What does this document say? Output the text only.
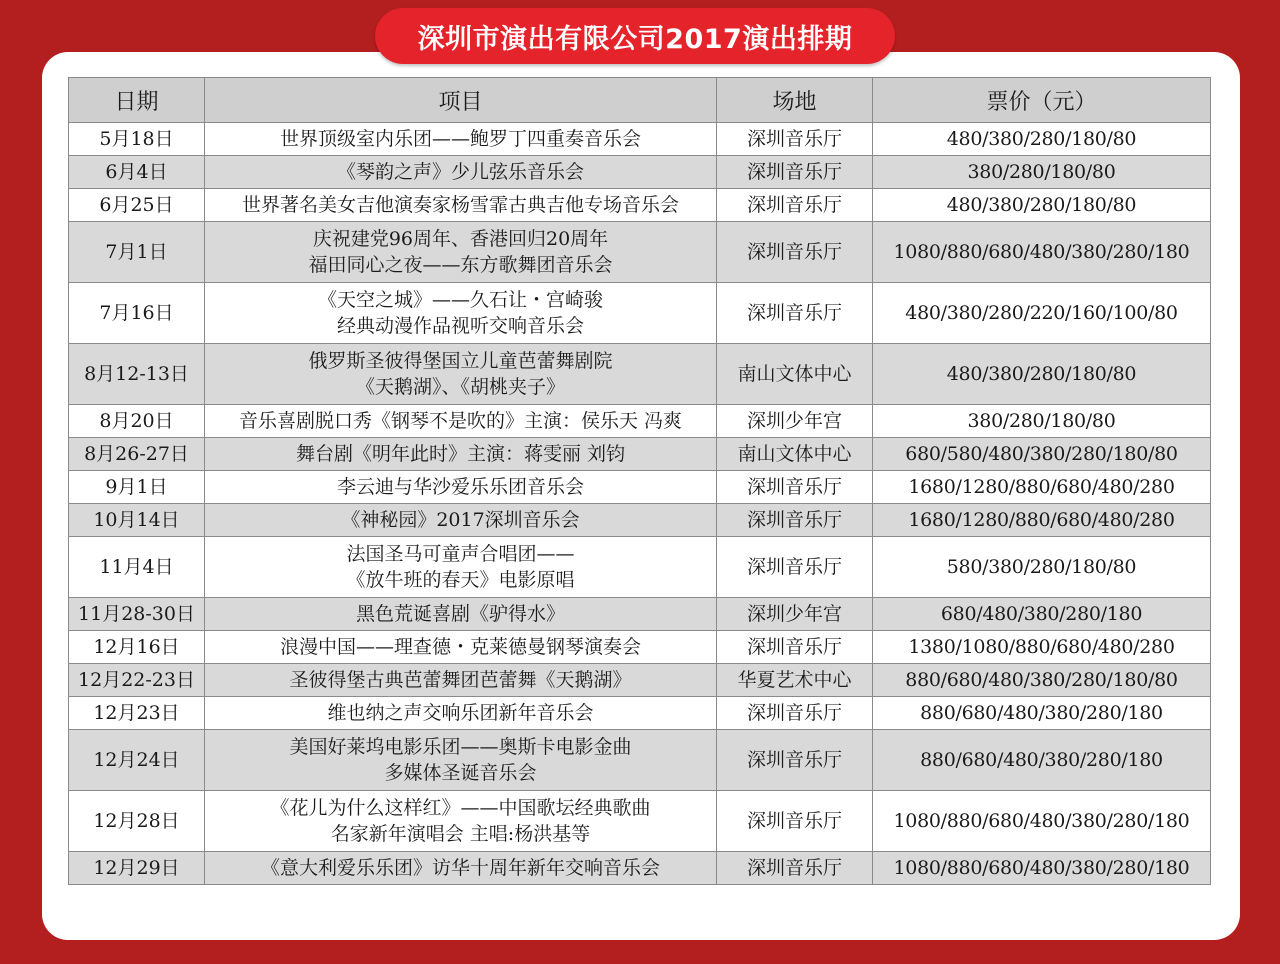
深圳市演出有限公司2017演出排期
日期	项目	场地	票价（元）
5月18日	世界顶级室内乐团——鲍罗丁四重奏音乐会	深圳音乐厅	480/380/280/180/80
6月4日	《琴韵之声》少儿弦乐音乐会	深圳音乐厅	380/280/180/80
6月25日	世界著名美女吉他演奏家杨雪霏古典吉他专场音乐会	深圳音乐厅	480/380/280/180/80
7月1日	庆祝建党96周年、香港回归20周年
福田同心之夜——东方歌舞团音乐会	深圳音乐厅	1080/880/680/480/380/280/180
7月16日	《天空之城》——久石让・宫崎骏
经典动漫作品视听交响音乐会	深圳音乐厅	480/380/280/220/160/100/80
8月12-13日	俄罗斯圣彼得堡国立儿童芭蕾舞剧院
《天鹅湖》、《胡桃夹子》	南山文体中心	480/380/280/180/80
8月20日	音乐喜剧脱口秀《钢琴不是吹的》主演：侯乐天 冯爽	深圳少年宫	380/280/180/80
8月26-27日	舞台剧《明年此时》主演：蒋雯丽 刘钧	南山文体中心	680/580/480/380/280/180/80
9月1日	李云迪与华沙爱乐乐团音乐会	深圳音乐厅	1680/1280/880/680/480/280
10月14日	《神秘园》2017深圳音乐会	深圳音乐厅	1680/1280/880/680/480/280
11月4日	法国圣马可童声合唱团——
《放牛班的春天》电影原唱	深圳音乐厅	580/380/280/180/80
11月28-30日	黑色荒诞喜剧《驴得水》	深圳少年宫	680/480/380/280/180
12月16日	浪漫中国——理查德・克莱德曼钢琴演奏会	深圳音乐厅	1380/1080/880/680/480/280
12月22-23日	圣彼得堡古典芭蕾舞团芭蕾舞《天鹅湖》	华夏艺术中心	880/680/480/380/280/180/80
12月23日	维也纳之声交响乐团新年音乐会	深圳音乐厅	880/680/480/380/280/180
12月24日	美国好莱坞电影乐团——奥斯卡电影金曲
多媒体圣诞音乐会	深圳音乐厅	880/680/480/380/280/180
12月28日	《花儿为什么这样红》——中国歌坛经典歌曲
名家新年演唱会 主唱:杨洪基等	深圳音乐厅	1080/880/680/480/380/280/180
12月29日	《意大利爱乐乐团》访华十周年新年交响音乐会	深圳音乐厅	1080/880/680/480/380/280/180
